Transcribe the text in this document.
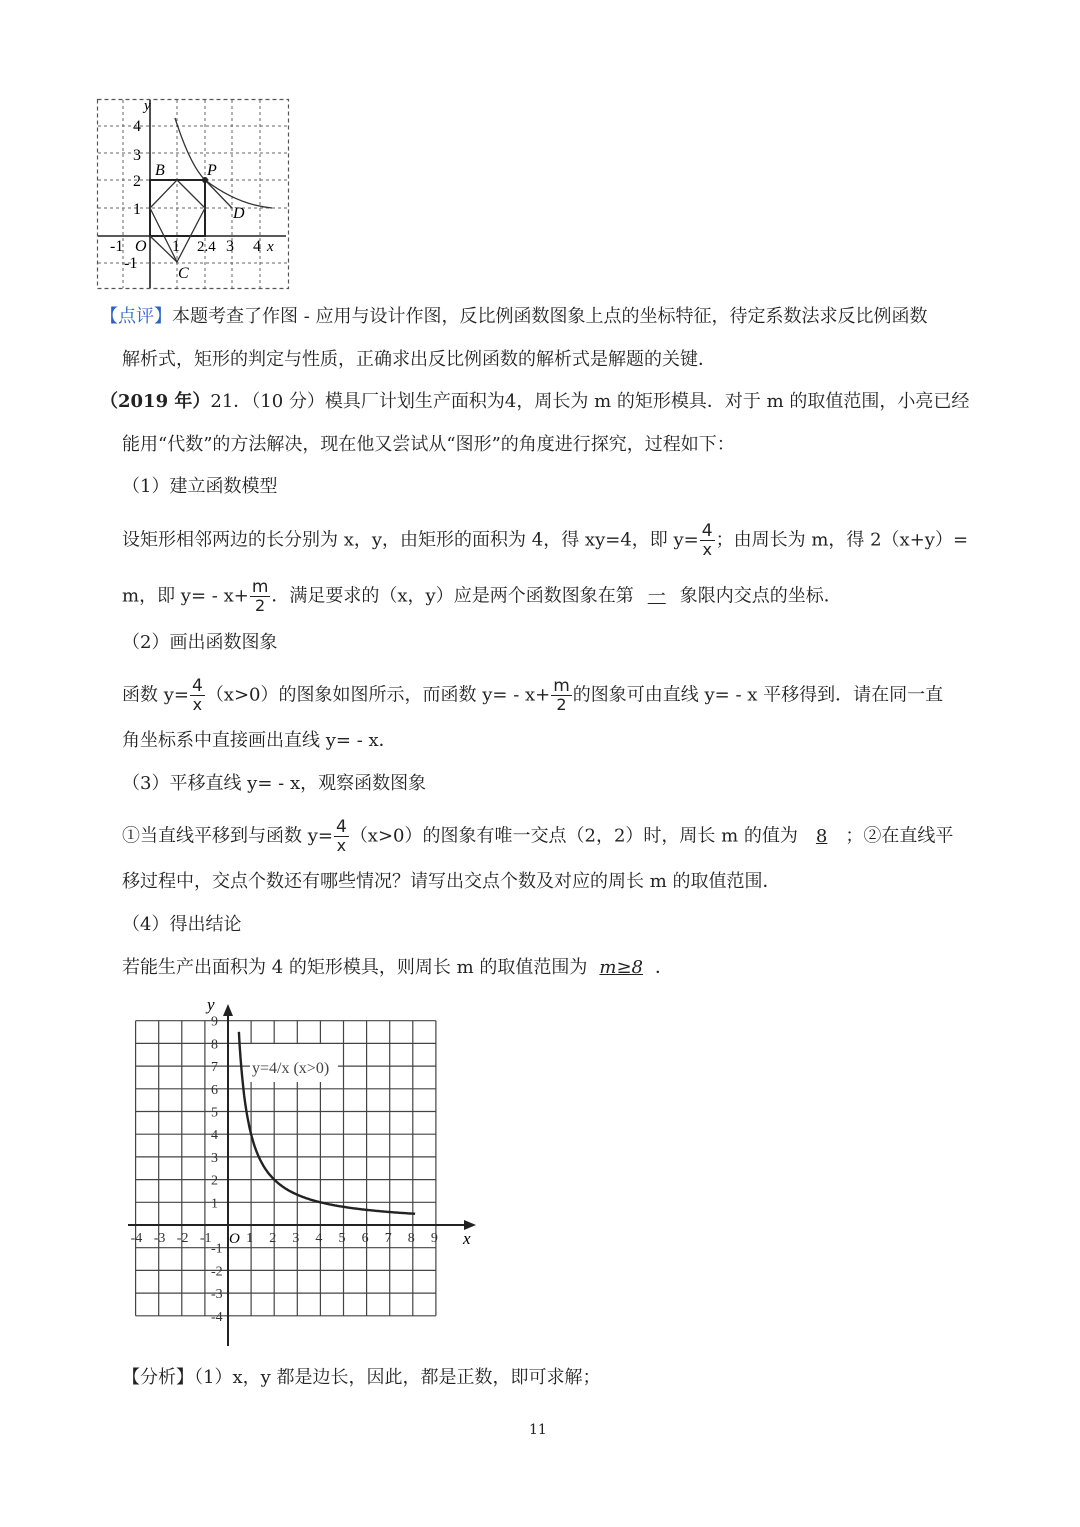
y
x
B	P
D
C
O
4
3
2
1
-1
-1	1 2.4 3 4
【点评】本题考查了作图 - 应用与设计作图，反比例函数图象上点的坐标特征，待定系数法求反比例函数
解析式，矩形的判定与性质，正确求出反比例函数的解析式是解题的关键．
（2019 年）21．（10 分）模具厂计划生产面积为4，周长为 m 的矩形模具．对于 m 的取值范围，小亮已经
能用“代数”的方法解决，现在他又尝试从“图形”的角度进行探究，过程如下：
（1）建立函数模型
设矩形相邻两边的长分别为 x，y，由矩形的面积为 4，得 xy=4，即 $y= \frac{4}{x}$ ；由周长为 m，得 2（x+y）=
m，即 $y= - x+ \frac{m}{2}$ ．满足要求的（x，y）应是两个函数图象在第 一 象限内交点的坐标．
（2）画出函数图象
函数 $y= \frac{4}{x} (x>0)$的图象如图所示，而函数 $y= - x+ \frac{m}{2}$ 的图象可由直线 y= - x 平移得到．请在同一直
角坐标系中直接画出直线 y= - x．
（3）平移直线 y= - x，观察函数图象
①当直线平移到与函数 $y= \frac{4}{x} (x>0)$的图象有唯一交点（2，2）时，周长 m 的值为 8 ；②在直线平
移过程中，交点个数还有哪些情况？请写出交点个数及对应的周长 m 的取值范围．
（4）得出结论
若能生产出面积为 4 的矩形模具，则周长 m 的取值范围为 m≥8 ．
y=4/x (x>0)
-4 -3 -2 -1 1 2 3 4 5 6 7 8 9
9
8
7
6
5
4
3
2
1
-1
-2
-3
-4
x
y
O
【分析】（1）x，y 都是边长，因此，都是正数，即可求解；
11
